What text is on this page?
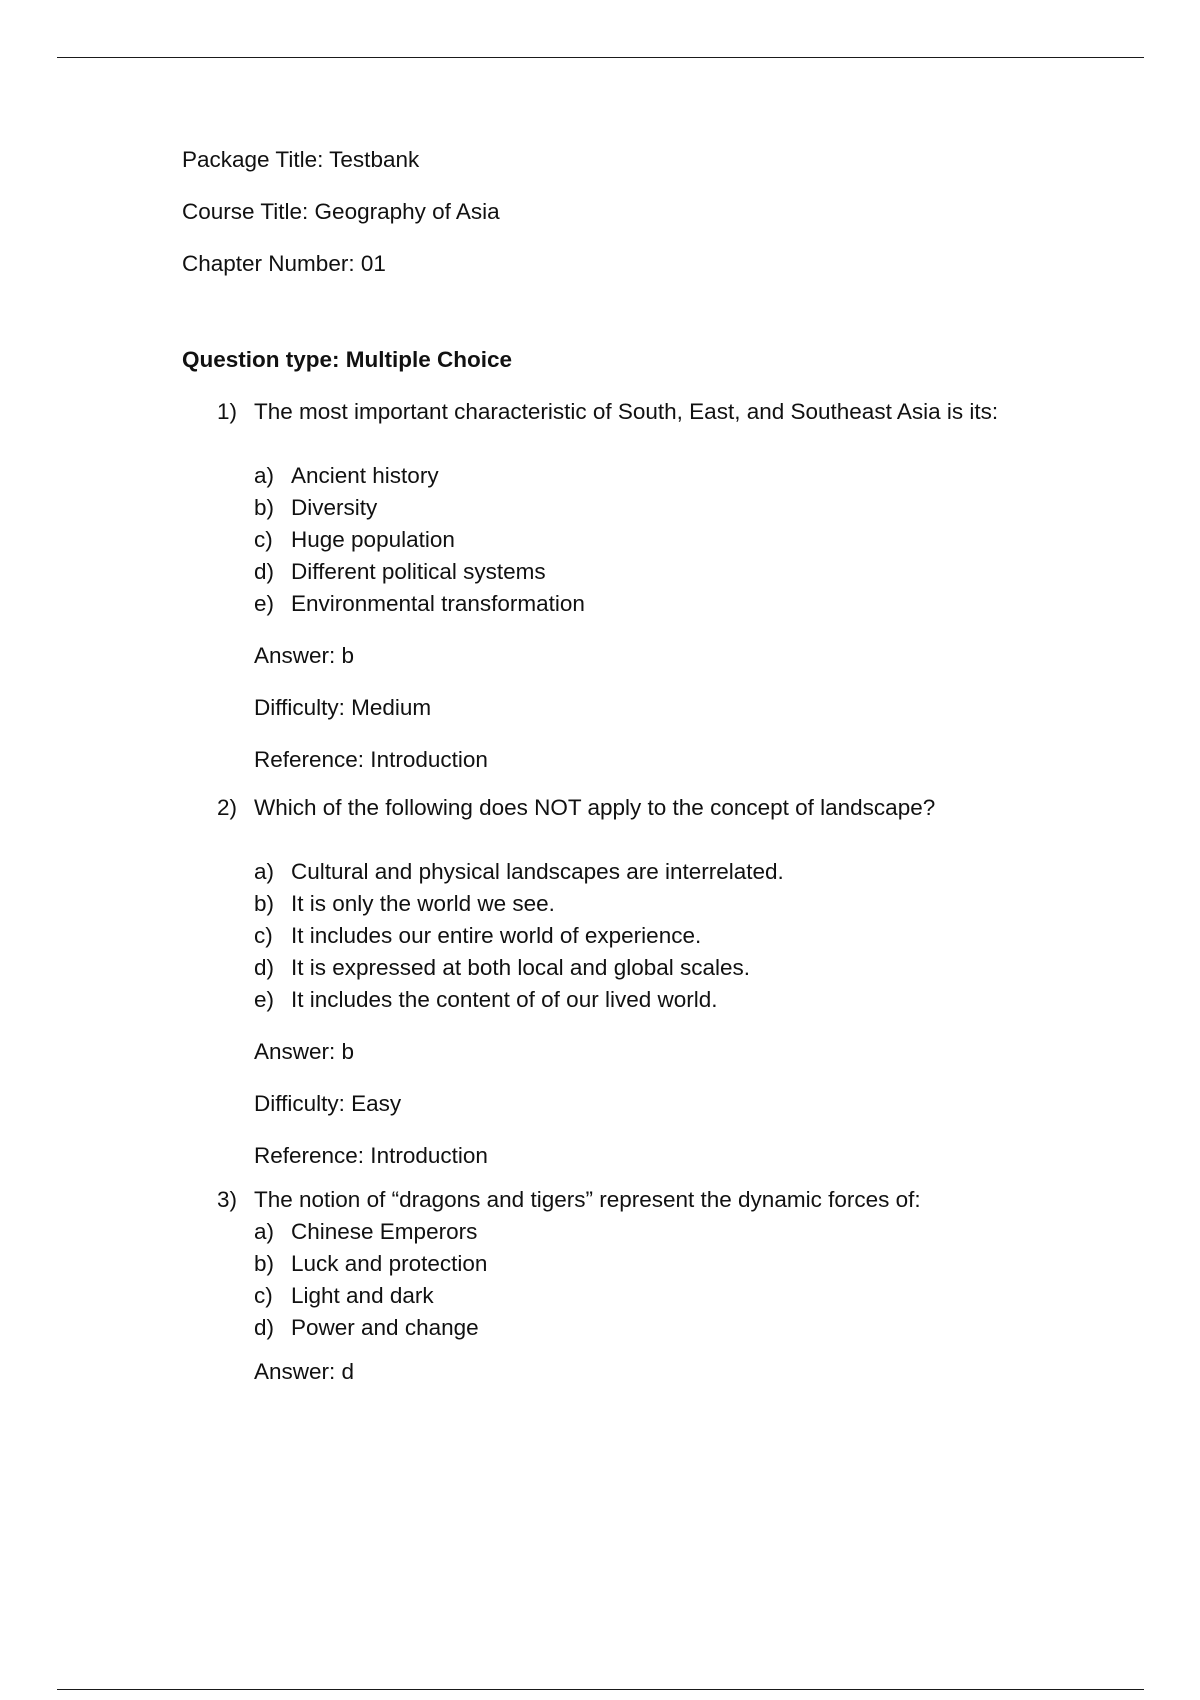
Package Title: Testbank

Course Title: Geography of Asia

Chapter Number: 01

Question type: Multiple Choice

1) The most important characteristic of South, East, and Southeast Asia is its:

a) Ancient history
b) Diversity
c) Huge population
d) Different political systems
e) Environmental transformation

Answer: b

Difficulty: Medium

Reference: Introduction

2) Which of the following does NOT apply to the concept of landscape?

a) Cultural and physical landscapes are interrelated.
b) It is only the world we see.
c) It includes our entire world of experience.
d) It is expressed at both local and global scales.
e) It includes the content of of our lived world.

Answer: b

Difficulty: Easy

Reference: Introduction

3) The notion of “dragons and tigers” represent the dynamic forces of:

a) Chinese Emperors
b) Luck and protection
c) Light and dark
d) Power and change

Answer: d
